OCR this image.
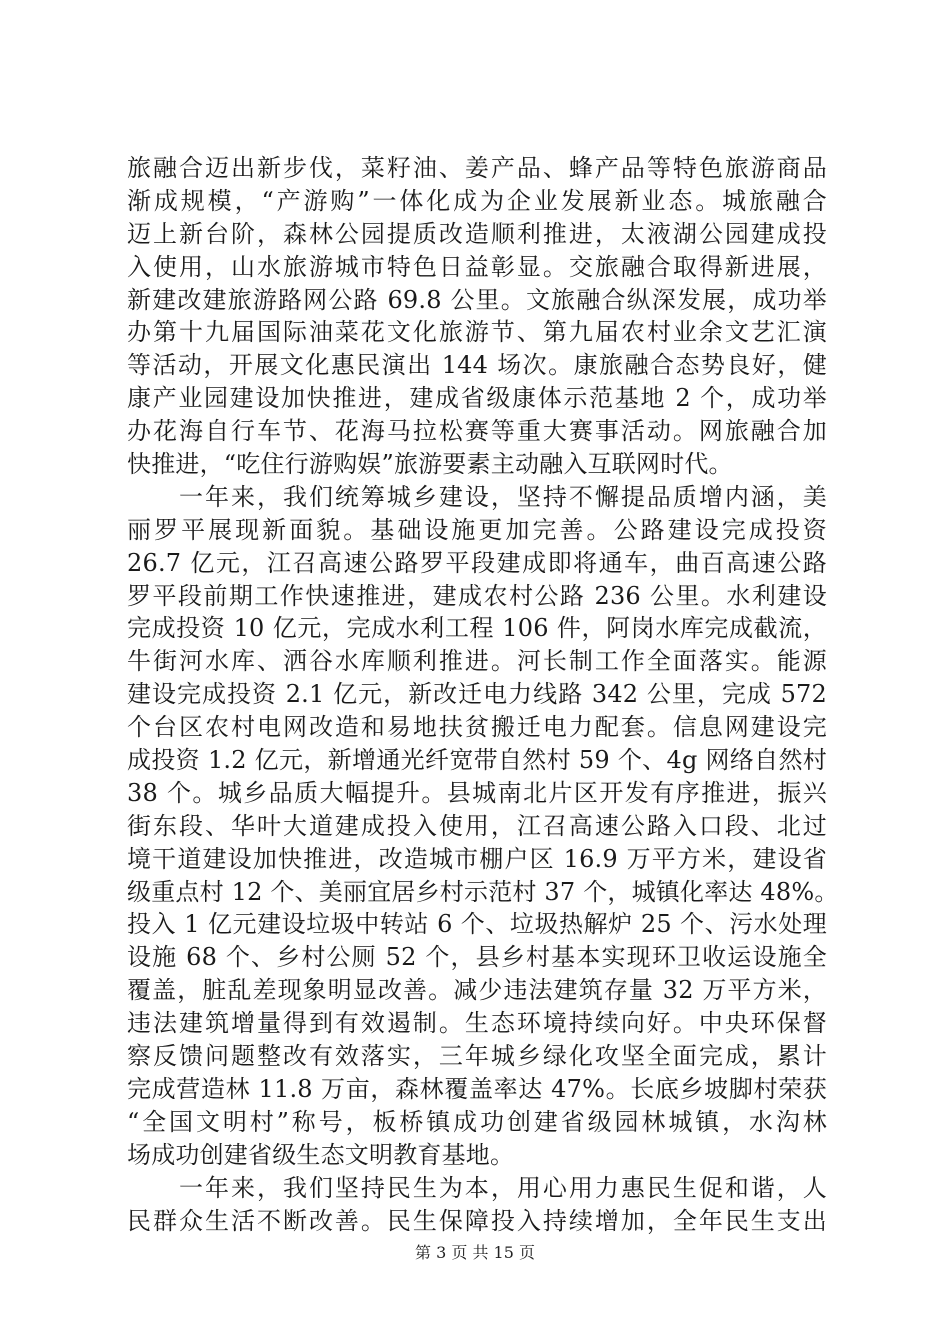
旅融合迈出新步伐，菜籽油、姜产品、蜂产品等特色旅游商品
渐成规模，“产游购”一体化成为企业发展新业态。城旅融合
迈上新台阶，森林公园提质改造顺利推进，太液湖公园建成投
入使用，山水旅游城市特色日益彰显。交旅融合取得新进展，
新建改建旅游路网公路 69.8 公里。文旅融合纵深发展，成功举
办第十九届国际油菜花文化旅游节、第九届农村业余文艺汇演
等活动，开展文化惠民演出 144 场次。康旅融合态势良好，健
康产业园建设加快推进，建成省级康体示范基地 2 个，成功举
办花海自行车节、花海马拉松赛等重大赛事活动。网旅融合加
快推进，“吃住行游购娱”旅游要素主动融入互联网时代。
　　一年来，我们统筹城乡建设，坚持不懈提品质增内涵，美
丽罗平展现新面貌。基础设施更加完善。公路建设完成投资
26.7 亿元，江召高速公路罗平段建成即将通车，曲百高速公路
罗平段前期工作快速推进，建成农村公路 236 公里。水利建设
完成投资 10 亿元，完成水利工程 106 件，阿岗水库完成截流，
牛街河水库、洒谷水库顺利推进。河长制工作全面落实。能源
建设完成投资 2.1 亿元，新改迁电力线路 342 公里，完成 572
个台区农村电网改造和易地扶贫搬迁电力配套。信息网建设完
成投资 1.2 亿元，新增通光纤宽带自然村 59 个、4g 网络自然村
38 个。城乡品质大幅提升。县城南北片区开发有序推进，振兴
街东段、华叶大道建成投入使用，江召高速公路入口段、北过
境干道建设加快推进，改造城市棚户区 16.9 万平方米，建设省
级重点村 12 个、美丽宜居乡村示范村 37 个，城镇化率达 48%。
投入 1 亿元建设垃圾中转站 6 个、垃圾热解炉 25 个、污水处理
设施 68 个、乡村公厕 52 个，县乡村基本实现环卫收运设施全
覆盖，脏乱差现象明显改善。减少违法建筑存量 32 万平方米，
违法建筑增量得到有效遏制。生态环境持续向好。中央环保督
察反馈问题整改有效落实，三年城乡绿化攻坚全面完成，累计
完成营造林 11.8 万亩，森林覆盖率达 47%。长底乡坡脚村荣获
“全国文明村”称号，板桥镇成功创建省级园林城镇，水沟林
场成功创建省级生态文明教育基地。
　　一年来，我们坚持民生为本，用心用力惠民生促和谐，人
民群众生活不断改善。民生保障投入持续增加，全年民生支出
第 3 页 共 15 页
